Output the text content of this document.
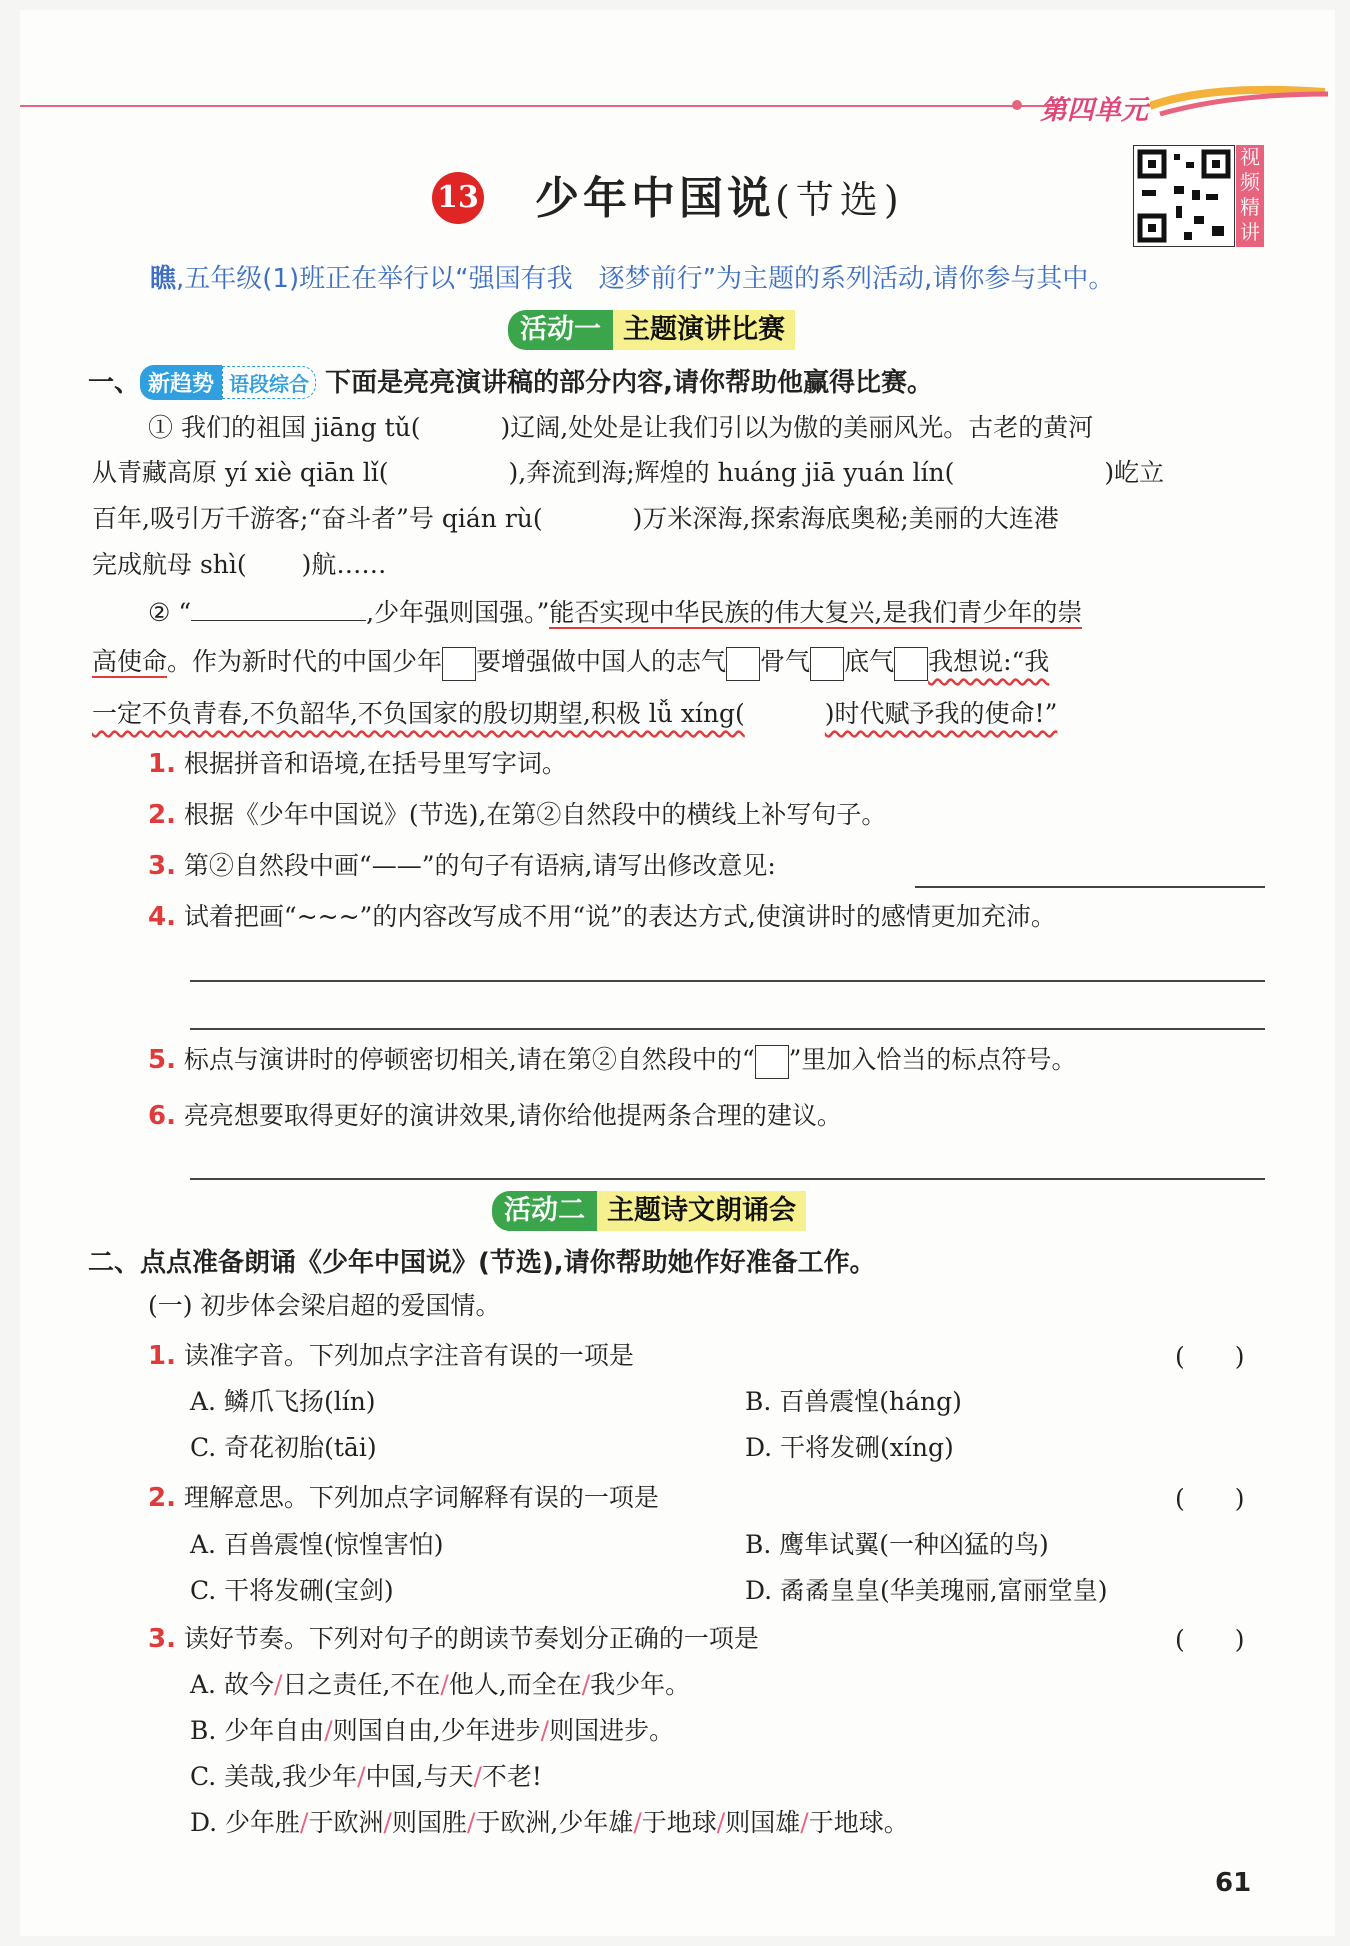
第四单元
13 少年中国说(节选)
视
频
精
讲
瞧,五年级(1)班正在举行以“强国有我　逐梦前行”为主题的系列活动,请你参与其中。
活动一 主题演讲比赛
一、 新趋势 语段综合 下面是亮亮演讲稿的部分内容,请你帮助他赢得比赛。
① 我们的祖国 jiāng tǔ(	)辽阔,处处是让我们引以为傲的美丽风光。古老的黄河
从青藏高原 yí xiè qiān lǐ(	),奔流到海;辉煌的 huáng jiā yuán lín(	)屹立
百年,吸引万千游客;“奋斗者”号 qián rù(	)万米深海,探索海底奥秘;美丽的大连港
完成航母 shì( )航……
② “	,少年强则国强。”能否实现中华民族的伟大复兴,是我们青少年的崇
高使命。作为新时代的中国少年 要增强做中国人的志气 骨气 底气 我想说:“我
一定不负青春,不负韶华,不负国家的殷切期望,积极 lǚ xíng(	)时代赋予我的使命!”
1. 根据拼音和语境,在括号里写字词。
2. 根据《少年中国说》(节选),在第②自然段中的横线上补写句子。
3. 第②自然段中画“——”的句子有语病,请写出修改意见:
4. 试着把画“~~~”的内容改写成不用“说”的表达方式,使演讲时的感情更加充沛。
5. 标点与演讲时的停顿密切相关,请在第②自然段中的“ ”里加入恰当的标点符号。
6. 亮亮想要取得更好的演讲效果,请你给他提两条合理的建议。
活动二 主题诗文朗诵会
二、点点准备朗诵《少年中国说》(节选),请你帮助她作好准备工作。
(一) 初步体会梁启超的爱国情。
1. 读准字音。下列加点字注音有误的一项是	(　　)
A. 鳞爪飞扬(lín)	B. 百兽震惶(háng)
C. 奇花初胎(tāi)	D. 干将发硎(xíng)
2. 理解意思。下列加点字词解释有误的一项是	(　　)
A. 百兽震惶(惊惶害怕)	B. 鹰隼试翼(一种凶猛的鸟)
C. 干将发硎(宝剑)	D. 矞矞皇皇(华美瑰丽,富丽堂皇)
3. 读好节奏。下列对句子的朗读节奏划分正确的一项是	(　　)
A. 故今/日之责任,不在/他人,而全在/我少年。
B. 少年自由/则国自由,少年进步/则国进步。
C. 美哉,我少年/中国,与天/不老!
D. 少年胜/于欧洲/则国胜/于欧洲,少年雄/于地球/则国雄/于地球。
61
